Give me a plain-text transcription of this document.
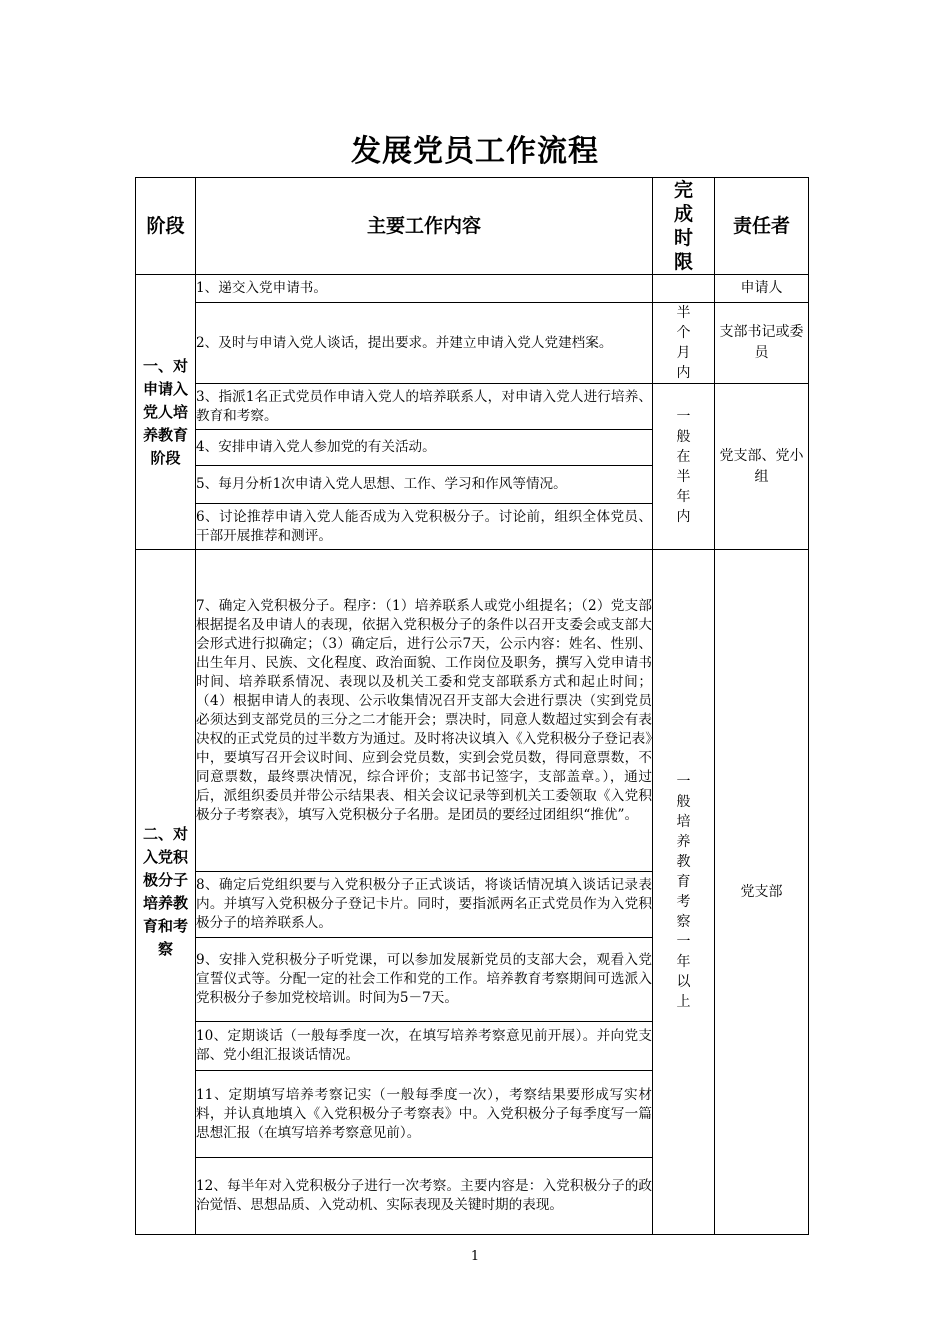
发展党员工作流程
阶段	主要工作内容	完成时限	责任者
一、对申请入党人培养教育阶段	1、递交入党申请书。		申请人
	2、及时与申请入党人谈话，提出要求。并建立申请入党人党建档案。	半个月内	支部书记或委员
	3、指派1名正式党员作申请入党人的培养联系人，对申请入党人进行培养、教育和考察。	一般在半年内	党支部、党小组
	4、安排申请入党人参加党的有关活动。		
	5、每月分析1次申请入党人思想、工作、学习和作风等情况。		
	6、讨论推荐申请入党人能否成为入党积极分子。讨论前，组织全体党员、干部开展推荐和测评。		
二、对入党积极分子培养教育和考察	7、确定入党积极分子。程序：（1）培养联系人或党小组提名；（2）党支部根据提名及申请人的表现，依据入党积极分子的条件以召开支委会或支部大会形式进行拟确定；（3）确定后，进行公示7天，公示内容：姓名、性别、出生年月、民族、文化程度、政治面貌、工作岗位及职务，撰写入党申请书时间、培养联系情况、表现以及机关工委和党支部联系方式和起止时间；（4）根据申请人的表现、公示收集情况召开支部大会进行票决（实到党员必须达到支部党员的三分之二才能开会；票决时，同意人数超过实到会有表决权的正式党员的过半数方为通过。及时将决议填入《入党积极分子登记表》中，要填写召开会议时间、应到会党员数，实到会党员数，得同意票数，不同意票数，最终票决情况，综合评价；支部书记签字，支部盖章。），通过后，派组织委员并带公示结果表、相关会议记录等到机关工委领取《入党积极分子考察表》，填写入党积极分子名册。是团员的要经过团组织“推优”。	一般培养教育考察一年以上	党支部
	8、确定后党组织要与入党积极分子正式谈话，将谈话情况填入谈话记录表内。并填写入党积极分子登记卡片。同时，要指派两名正式党员作为入党积极分子的培养联系人。		
	9、安排入党积极分子听党课，可以参加发展新党员的支部大会，观看入党宣誓仪式等。分配一定的社会工作和党的工作。培养教育考察期间可选派入党积极分子参加党校培训。时间为5－7天。		
	10、定期谈话（一般每季度一次，在填写培养考察意见前开展）。并向党支部、党小组汇报谈话情况。		
	11、定期填写培养考察记实（一般每季度一次），考察结果要形成写实材料，并认真地填入《入党积极分子考察表》中。入党积极分子每季度写一篇思想汇报（在填写培养考察意见前）。		
	12、每半年对入党积极分子进行一次考察。主要内容是：入党积极分子的政治觉悟、思想品质、入党动机、实际表现及关键时期的表现。		
1
